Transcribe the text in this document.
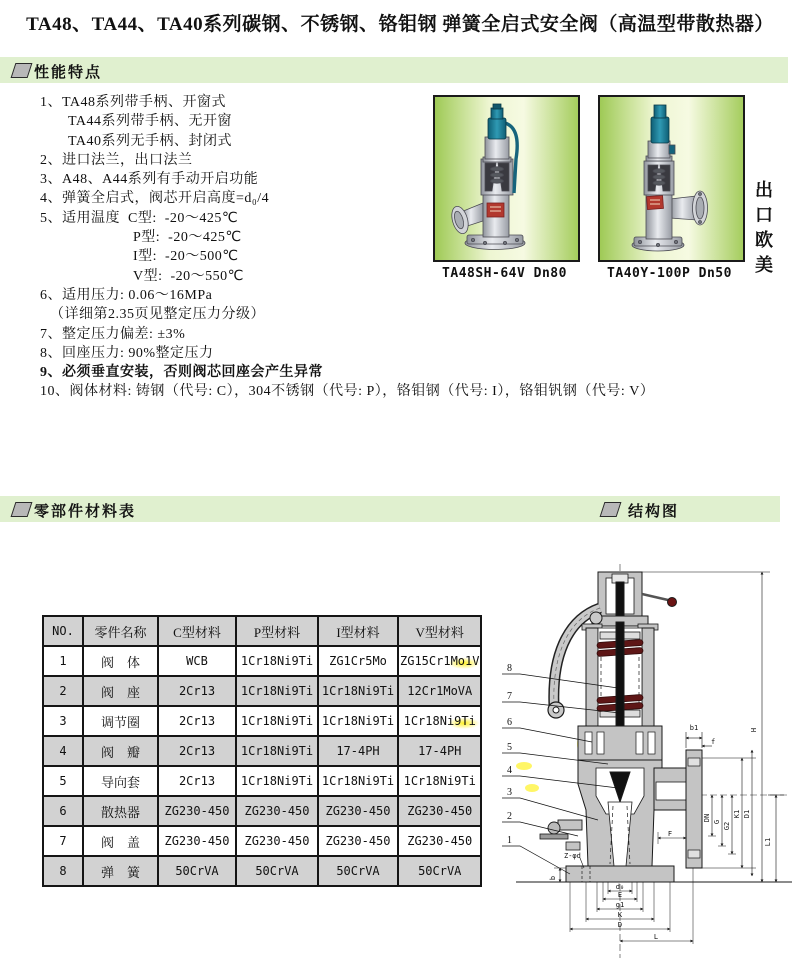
TA48、TA44、TA40系列碳钢、不锈钢、铬钼钢 弹簧全启式安全阀（高温型带散热器）
性能特点
1、TA48系列带手柄、开窗式
TA44系列带手柄、无开窗
TA40系列无手柄、封闭式
2、进口法兰，出口法兰
3、A48、A44系列有手动开启功能
4、弹簧全启式，阀芯开启高度=d₀/4
5、适用温度  C型:  -20～425℃
P型:  -20～425℃
I型:  -20～500℃
V型:  -20～550℃
6、适用压力: 0.06～16MPa
（详细第2.35页见整定压力分级）
7、整定压力偏差: ±3%
8、回座压力: 90%整定压力
9、必须垂直安装，否则阀芯回座会产生异常
10、阀体材料: 铸钢（代号: C），304不锈钢（代号: P），铬钼钢（代号: I），铬钼钒钢（代号: V）
TA48SH-64V Dn80	TA40Y-100P Dn50	出口欧美
零部件材料表	结构图
NO.	零件名称	C型材料	P型材料	I型材料	V型材料
1	阀　体	WCB	1Cr18Ni9Ti	ZG1Cr5Mo	ZG15Cr1Mo1V
2	阀　座	2Cr13	1Cr18Ni9Ti	1Cr18Ni9Ti	12Cr1MoVA
3	调节圈	2Cr13	1Cr18Ni9Ti	1Cr18Ni9Ti	1Cr18Ni9Ti
4	阀　瓣	2Cr13	1Cr18Ni9Ti	17-4PH	17-4PH
5	导向套	2Cr13	1Cr18Ni9Ti	1Cr18Ni9Ti	1Cr18Ni9Ti
6	散热器	ZG230-450	ZG230-450	ZG230-450	ZG230-450
7	阀　盖	ZG230-450	ZG230-450	ZG230-450	ZG230-450
8	弹　簧	50CrVA	50CrVA	50CrVA	50CrVA
8
7
6
5
4
3
2
1
H
L1
b1
f
DN G G2
K1 D1
F
b
Z-φd
d₀
E
g1
K
D
L
